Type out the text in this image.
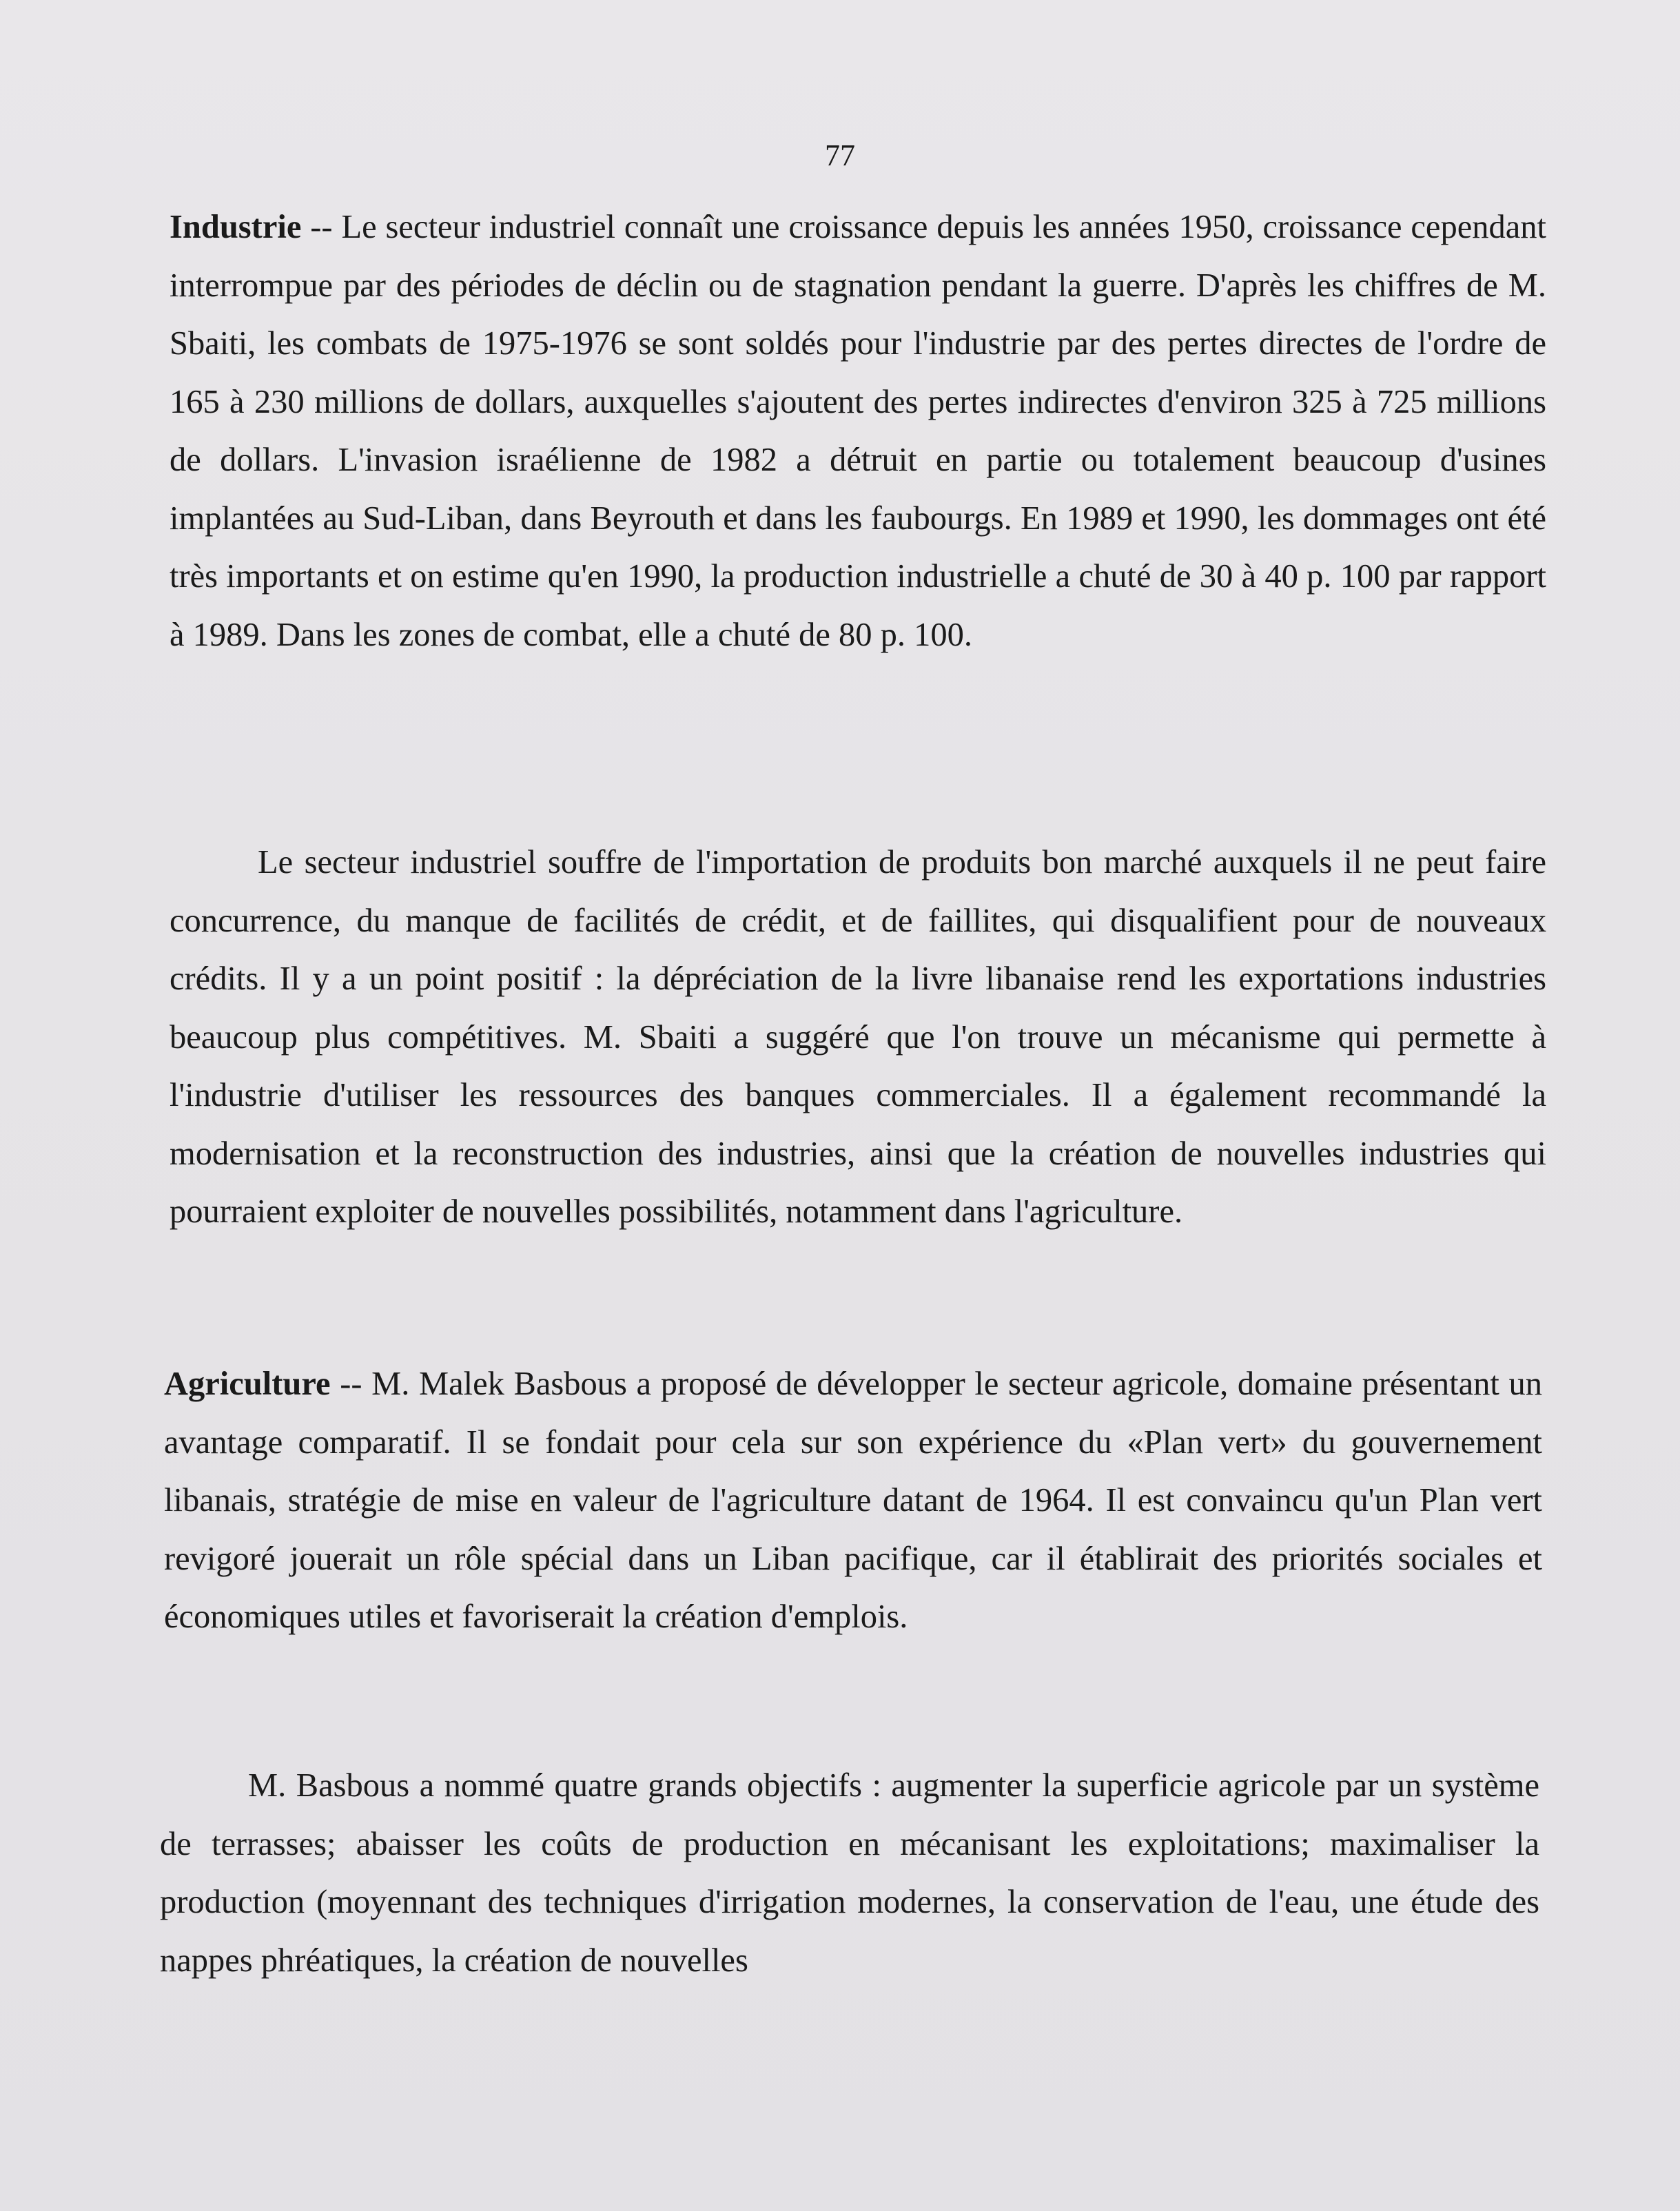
77

Industrie -- Le secteur industriel connaît une croissance depuis les années 1950, croissance cependant interrompue par des périodes de déclin ou de stagnation pendant la guerre. D'après les chiffres de M. Sbaiti, les combats de 1975-1976 se sont soldés pour l'industrie par des pertes directes de l'ordre de 165 à 230 millions de dollars, auxquelles s'ajoutent des pertes indirectes d'environ 325 à 725 millions de dollars. L'invasion israélienne de 1982 a détruit en partie ou totalement beaucoup d'usines implantées au Sud-Liban, dans Beyrouth et dans les faubourgs. En 1989 et 1990, les dommages ont été très importants et on estime qu'en 1990, la production industrielle a chuté de 30 à 40 p. 100 par rapport à 1989. Dans les zones de combat, elle a chuté de 80 p. 100.

Le secteur industriel souffre de l'importation de produits bon marché auxquels il ne peut faire concurrence, du manque de facilités de crédit, et de faillites, qui disqualifient pour de nouveaux crédits. Il y a un point positif : la dépréciation de la livre libanaise rend les exportations industries beaucoup plus compétitives. M. Sbaiti a suggéré que l'on trouve un mécanisme qui permette à l'industrie d'utiliser les ressources des banques commerciales. Il a également recommandé la modernisation et la reconstruction des industries, ainsi que la création de nouvelles industries qui pourraient exploiter de nouvelles possibilités, notamment dans l'agriculture.

Agriculture -- M. Malek Basbous a proposé de développer le secteur agricole, domaine présentant un avantage comparatif. Il se fondait pour cela sur son expérience du «Plan vert» du gouvernement libanais, stratégie de mise en valeur de l'agriculture datant de 1964. Il est convaincu qu'un Plan vert revigoré jouerait un rôle spécial dans un Liban pacifique, car il établirait des priorités sociales et économiques utiles et favoriserait la création d'emplois.

M. Basbous a nommé quatre grands objectifs : augmenter la superficie agricole par un système de terrasses; abaisser les coûts de production en mécanisant les exploitations; maximaliser la production (moyennant des techniques d'irrigation modernes, la conservation de l'eau, une étude des nappes phréatiques, la création de nouvelles
